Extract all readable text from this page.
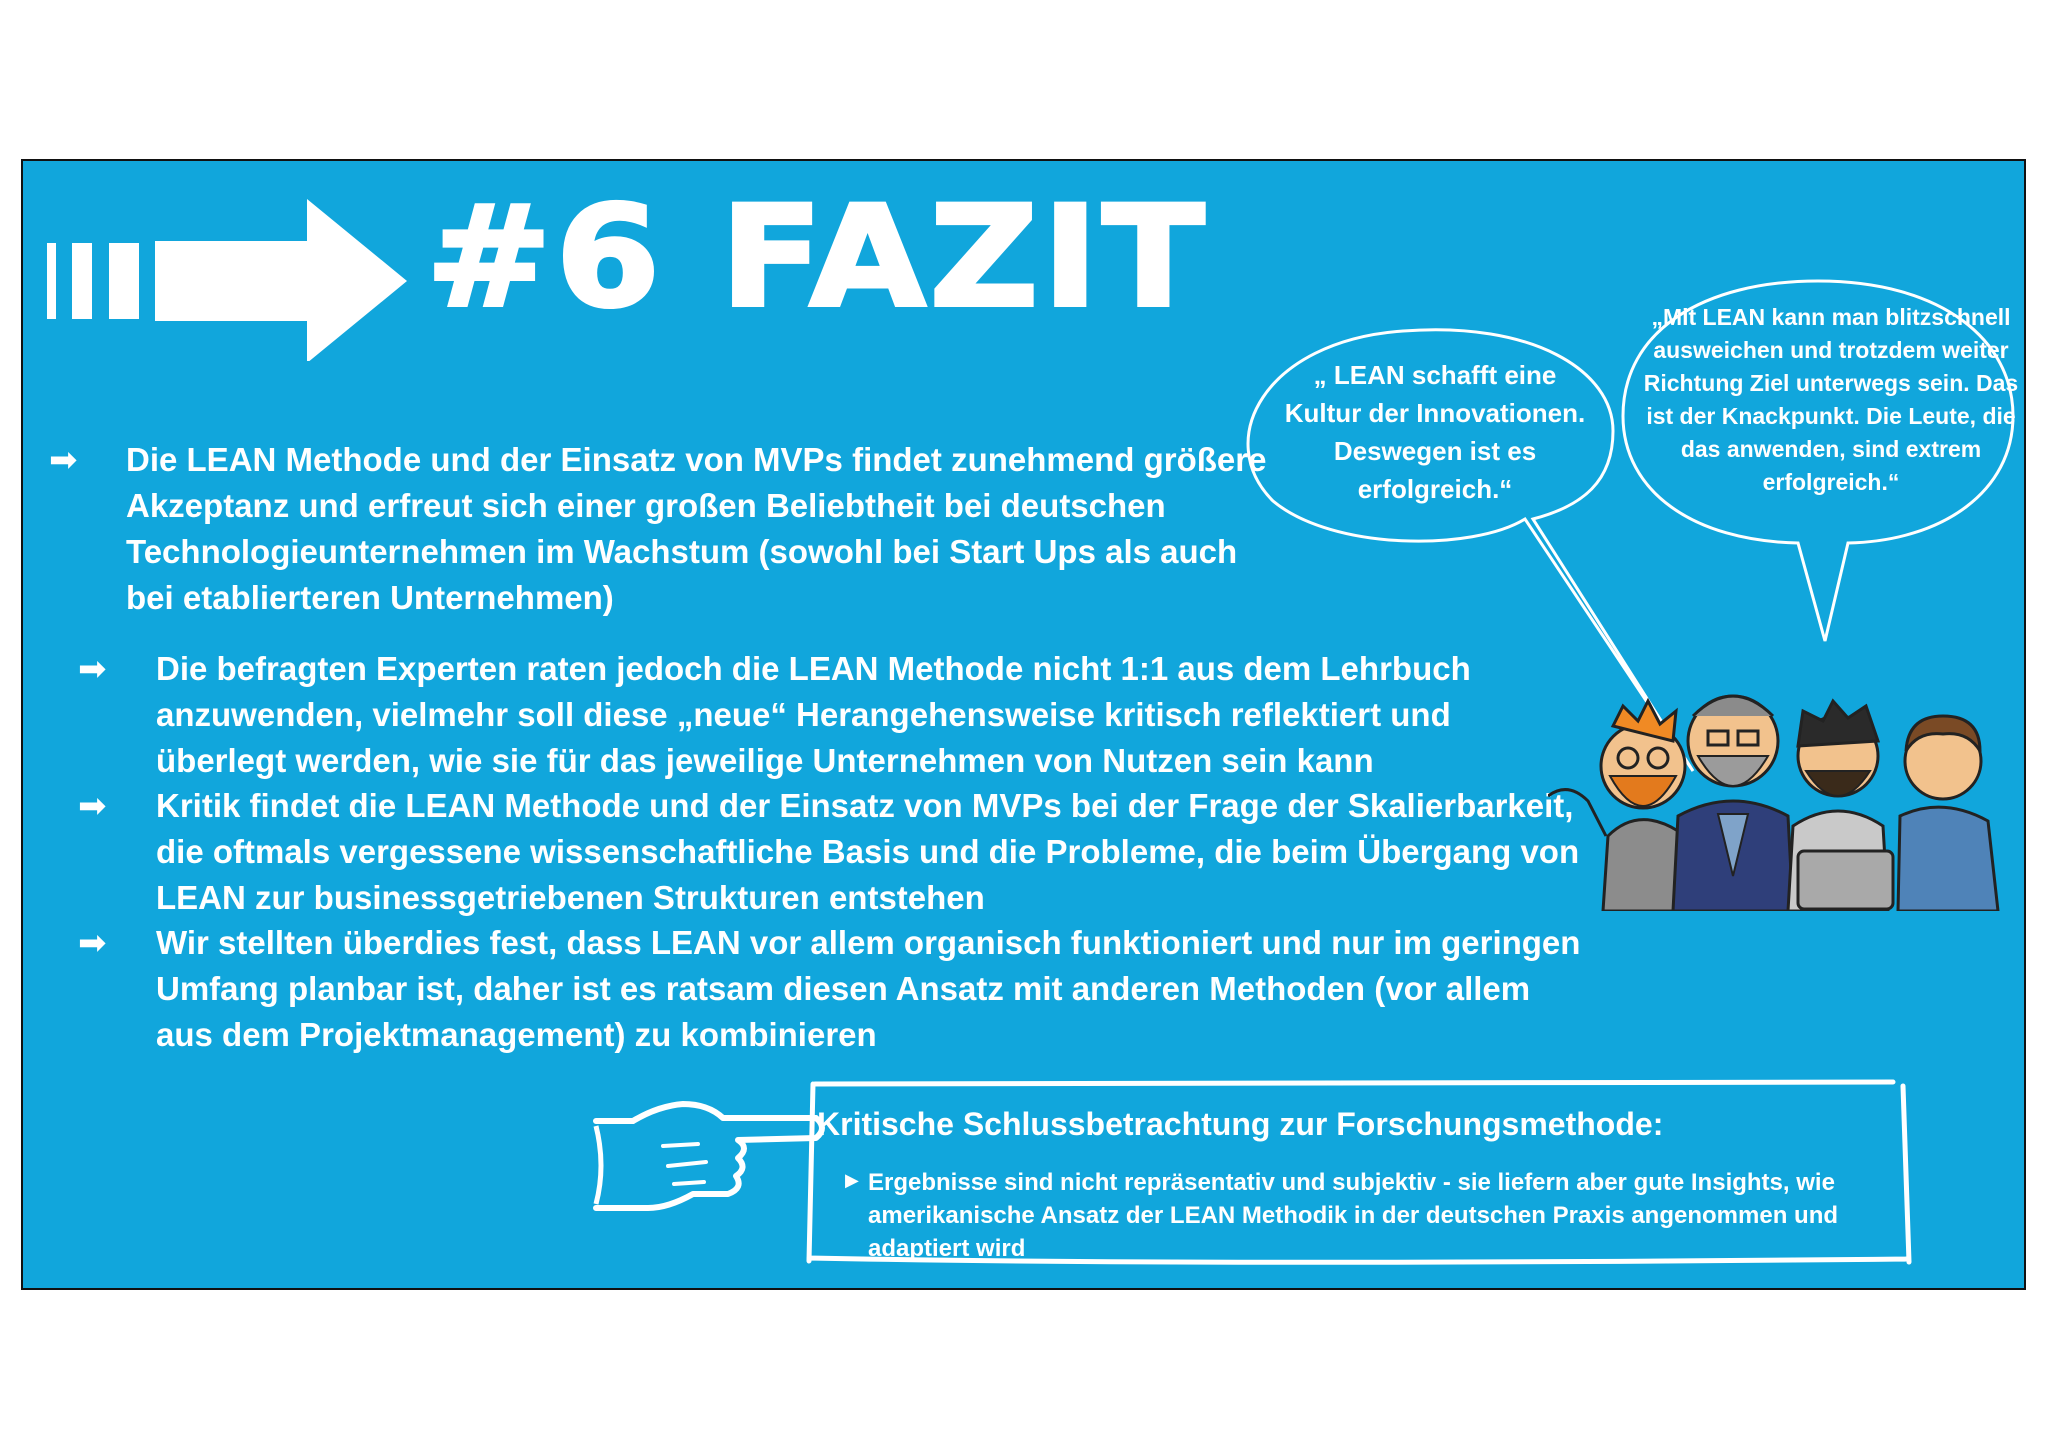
#6 FAZIT
➡ Die LEAN Methode und der Einsatz von MVPs findet zunehmend größere Akzeptanz und erfreut sich einer großen Beliebtheit bei deutschen Technologieunternehmen im Wachstum (sowohl bei Start Ups als auch bei etablierteren Unternehmen)
➡ Die befragten Experten raten jedoch die LEAN Methode nicht 1:1 aus dem Lehrbuch anzuwenden, vielmehr soll diese „neue“ Herangehensweise kritisch reflektiert und überlegt werden, wie sie für das jeweilige Unternehmen von Nutzen sein kann
➡ Kritik findet die LEAN Methode und der Einsatz von MVPs bei der Frage der Skalierbarkeit, die oftmals vergessene wissenschaftliche Basis und die Probleme, die beim Übergang von LEAN zur businessgetriebenen Strukturen entstehen
➡ Wir stellten überdies fest, dass LEAN vor allem organisch funktioniert und nur im geringen Umfang planbar ist, daher ist es ratsam diesen Ansatz mit anderen Methoden (vor allem aus dem Projektmanagement) zu kombinieren
„ LEAN schafft eine Kultur der Innovationen. Deswegen ist es erfolgreich.“
„Mit LEAN kann man blitzschnell ausweichen und trotzdem weiter Richtung Ziel unterwegs sein. Das ist der Knackpunkt. Die Leute, die das anwenden, sind extrem erfolgreich.“
Kritische Schlussbetrachtung zur Forschungsmethode:
▶ Ergebnisse sind nicht repräsentativ und subjektiv - sie liefern aber gute Insights, wie amerikanische Ansatz der LEAN Methodik in der deutschen Praxis angenommen und adaptiert wird
